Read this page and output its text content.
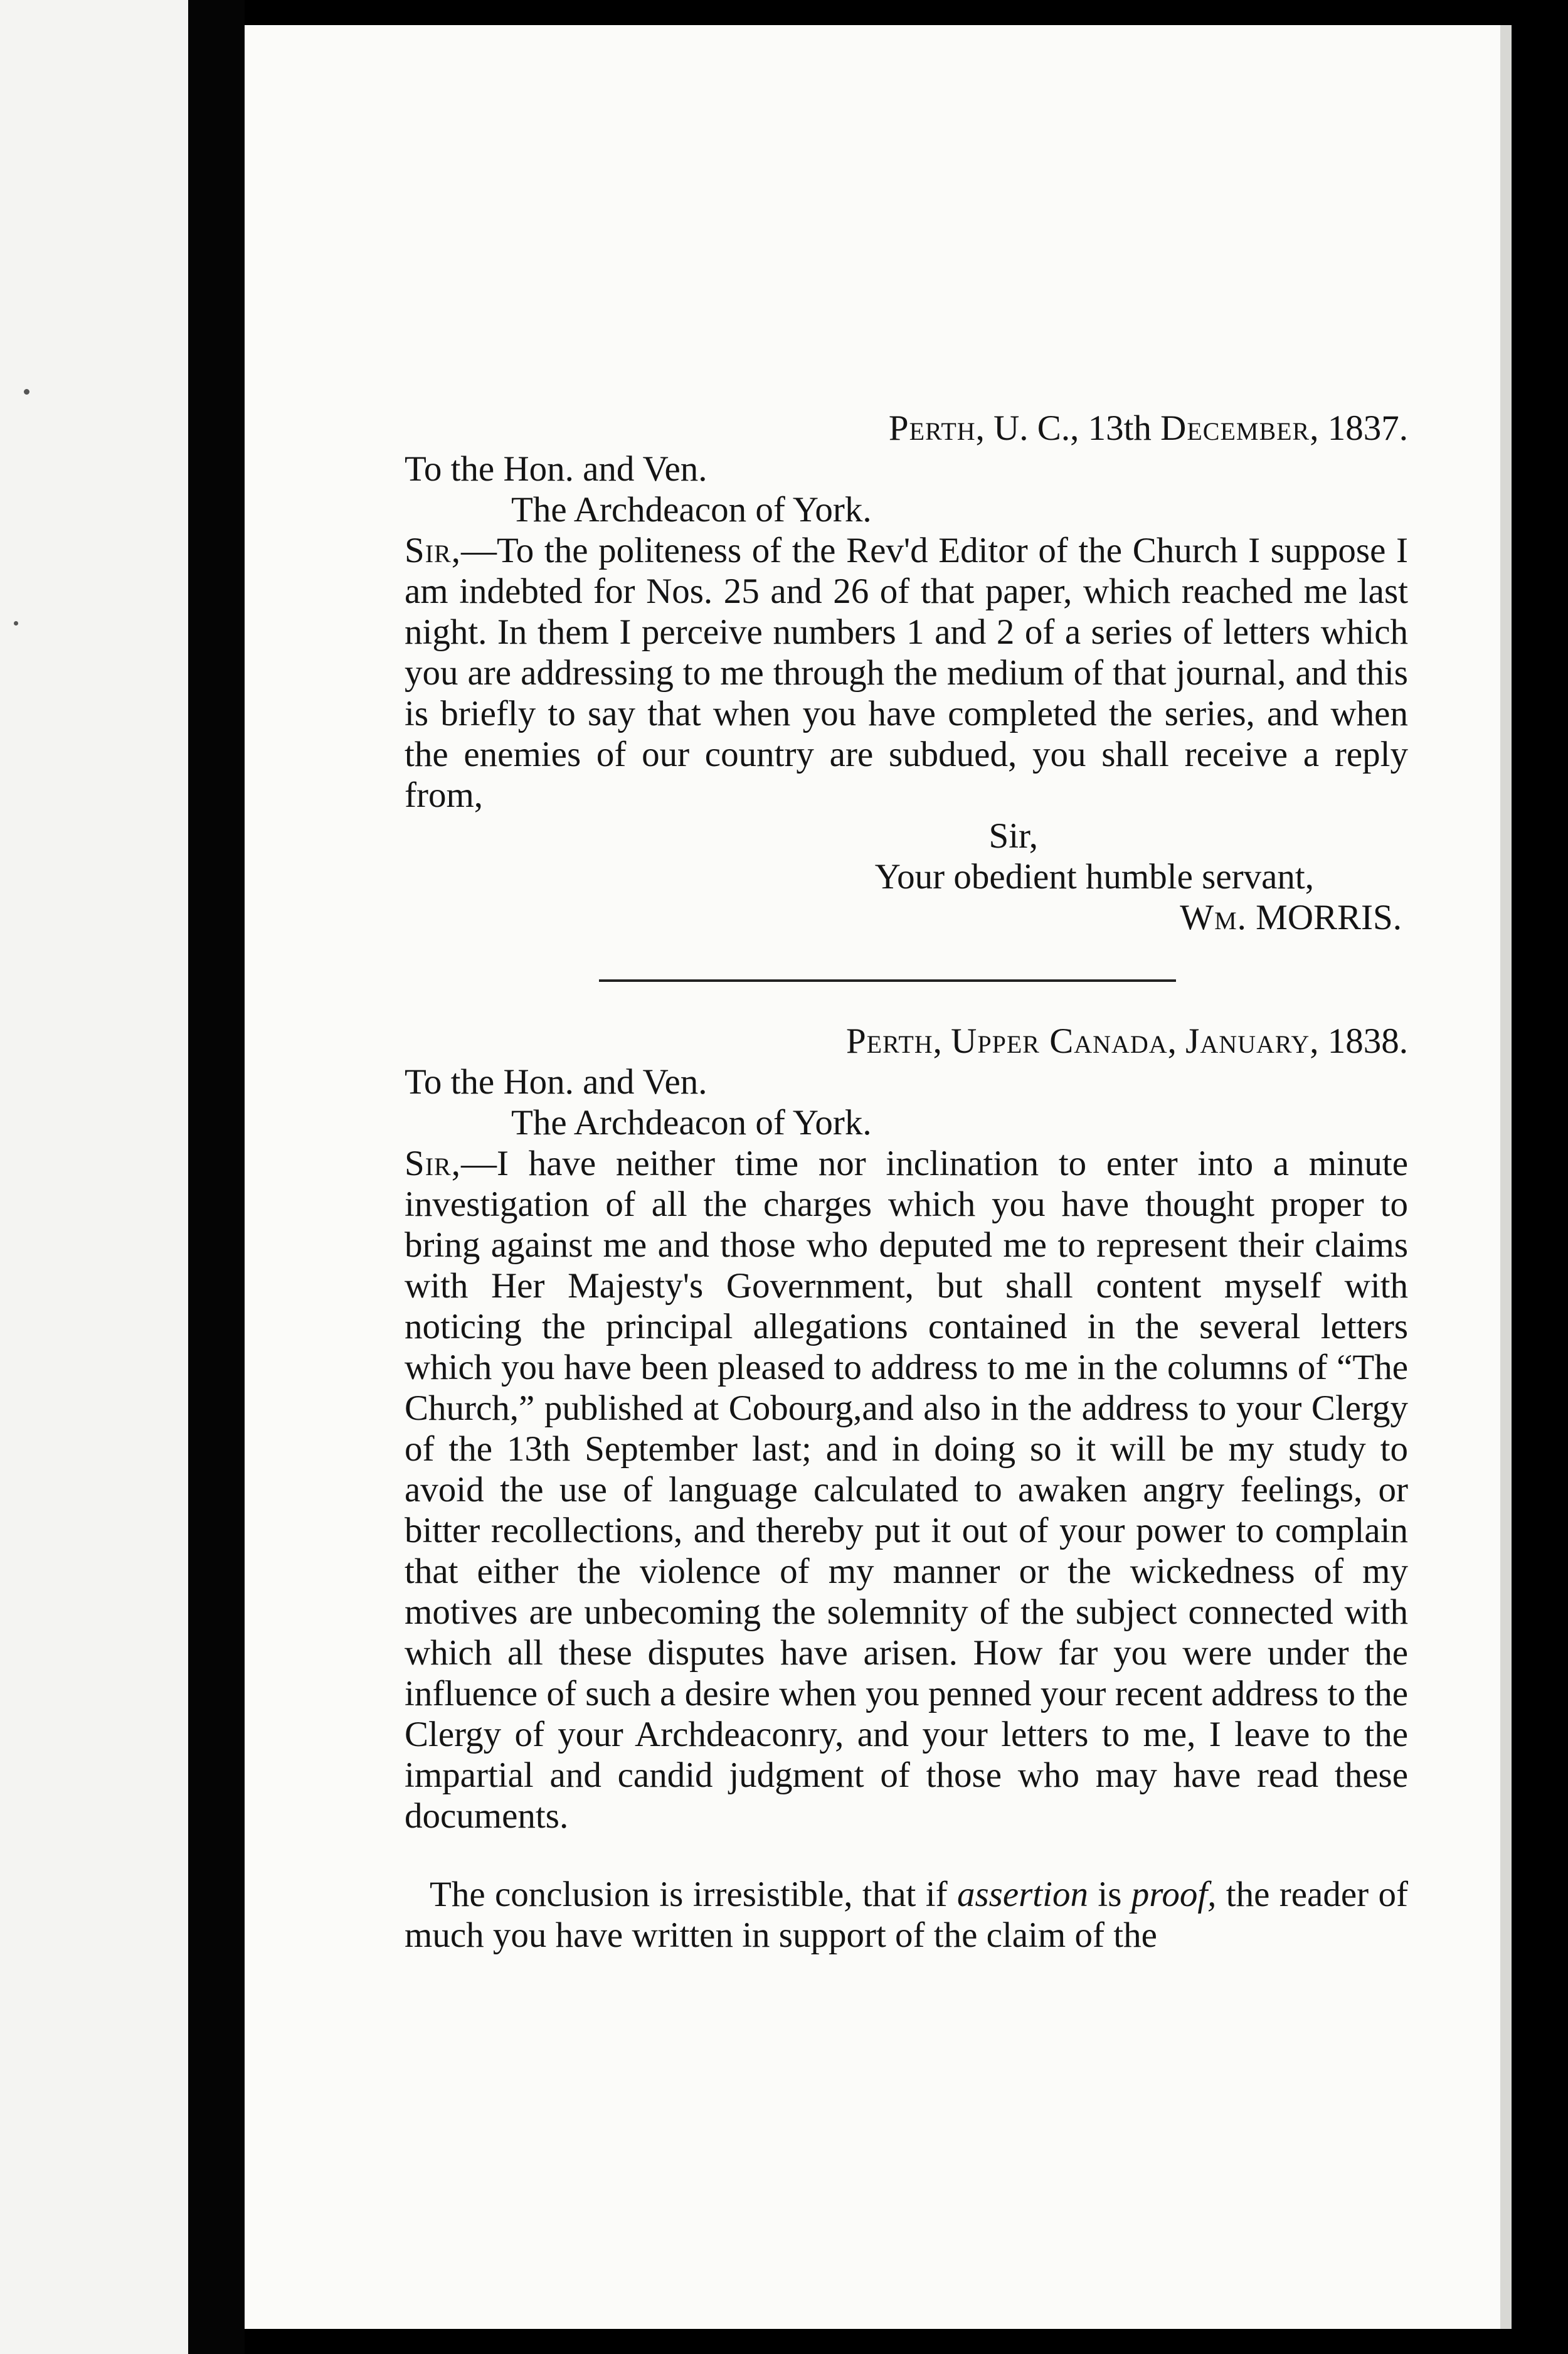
Perth, U. C., 13th December, 1837.

To the Hon. and Ven.

The Archdeacon of York.

Sir,—To the politeness of the Rev'd Editor of the Church I suppose I am indebted for Nos. 25 and 26 of that paper, which reached me last night. In them I perceive numbers 1 and 2 of a series of letters which you are addressing to me through the medium of that journal, and this is briefly to say that when you have completed the series, and when the enemies of our country are subdued, you shall receive a reply from,

Sir,

Your obedient humble servant,

Wm. MORRIS.

Perth, Upper Canada, January, 1838.

To the Hon. and Ven.

The Archdeacon of York.

Sir,—I have neither time nor inclination to enter into a minute investigation of all the charges which you have thought proper to bring against me and those who deputed me to represent their claims with Her Majesty's Government, but shall content myself with noticing the principal allegations contained in the several letters which you have been pleased to address to me in the columns of “The Church,” published at Cobourg,and also in the address to your Clergy of the 13th September last; and in doing so it will be my study to avoid the use of language calculated to awaken angry feelings, or bitter recollections, and thereby put it out of your power to complain that either the violence of my manner or the wickedness of my motives are unbecoming the solemnity of the subject connected with which all these disputes have arisen. How far you were under the influence of such a desire when you penned your recent address to the Clergy of your Archdeaconry, and your letters to me, I leave to the impartial and candid judgment of those who may have read these documents.

The conclusion is irresistible, that if assertion is proof, the reader of much you have written in support of the claim of the
